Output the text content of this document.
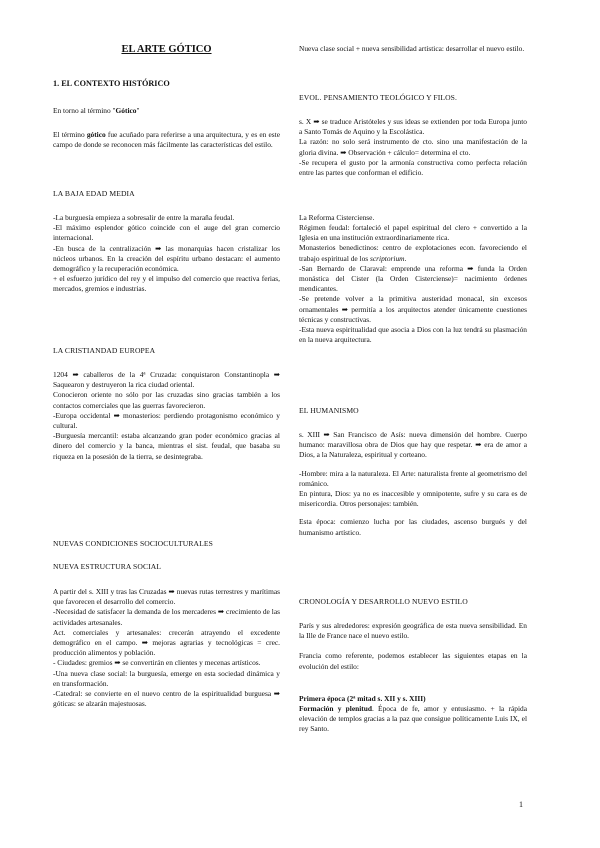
EL ARTE GÓTICO

1. EL CONTEXTO HISTÓRICO

En torno al término "Gótico"

El término gótico fue acuñado para referirse a una arquitectura, y es en este campo de donde se reconocen más fácilmente las características del estilo.

LA BAJA EDAD MEDIA

-La burguesía empieza a sobresalir de entre la maraña feudal.

-El máximo esplendor gótico coincide con el auge del gran comercio internacional.

-En busca de la centralización ➡ las monarquías hacen cristalizar los núcleos urbanos. En la creación del espíritu urbano destacan: el aumento demográfico y la recuperación económica.

+ el esfuerzo jurídico del rey y el impulso del comercio que reactiva ferias, mercados, gremios e industrias.

LA CRISTIANDAD EUROPEA

1204 ➡ caballeros de la 4ª Cruzada: conquistaron Constantinopla ➡ Saquearon y destruyeron la rica ciudad oriental.

Conocieron oriente no sólo por las cruzadas sino gracias también a los contactos comerciales que las guerras favorecieron.

-Europa occidental ➡ monasterios: perdiendo protagonismo económico y cultural.

-Burguesía mercantil: estaba alcanzando gran poder económico gracias al dinero del comercio y la banca, mientras el sist. feudal, que basaba su riqueza en la posesión de la tierra, se desintegraba.

NUEVAS CONDICIONES SOCIOCULTURALES

NUEVA ESTRUCTURA SOCIAL

A partir del s. XIII y tras las Cruzadas ➡ nuevas rutas terrestres y marítimas que favorecen el desarrollo del comercio.

-Necesidad de satisfacer la demanda de los mercaderes ➡ crecimiento de las actividades artesanales.

Act. comerciales y artesanales: crecerán atrayendo el excedente demográfico en el campo. ➡ mejoras agrarias y tecnológicas = crec. producción alimentos y población.

- Ciudades: gremios ➡ se convertirán en clientes y mecenas artísticos.

-Una nueva clase social: la burguesía, emerge en esta sociedad dinámica y en transformación.

-Catedral: se convierte en el nuevo centro de la espiritualidad burguesa ➡ góticas: se alzarán majestuosas.

Nueva clase social + nueva sensibilidad artística: desarrollar el nuevo estilo.

EVOL. PENSAMIENTO TEOLÓGICO Y FILOS.

s. X ➡ se traduce Aristóteles y sus ideas se extienden por toda Europa junto a Santo Tomás de Aquino y la Escolástica.

La razón: no solo será instrumento de cto. sino una manifestación de la gloria divina. ➡ Observación + cálculo= determina el cto.

-Se recupera el gusto por la armonía constructiva como perfecta relación entre las partes que conforman el edificio.

La Reforma Cisterciense.

Régimen feudal: fortaleció el papel espiritual del clero + convertido a la Iglesia en una institución extraordinariamente rica.

Monasterios benedictinos: centro de explotaciones econ. favoreciendo el trabajo espiritual de los scriptorium.

-San Bernardo de Claraval: emprende una reforma ➡ funda la Orden monástica del Cister (la Orden Cisterciense)= nacimiento órdenes mendicantes.

-Se pretende volver a la primitiva austeridad monacal, sin excesos ornamentales ➡ permitía a los arquitectos atender únicamente cuestiones técnicas y constructivas.

-Esta nueva espiritualidad que asocia a Dios con la luz tendrá su plasmación en la nueva arquitectura.

EL HUMANISMO

s. XIII ➡ San Francisco de Asís: nueva dimensión del hombre. Cuerpo humano: maravillosa obra de Dios que hay que respetar. ➡ era de amor a Dios, a la Naturaleza, espiritual y corteano.

-Hombre: mira a la naturaleza. El Arte: naturalista frente al geometrismo del románico.

En pintura, Dios: ya no es inaccesible y omnipotente, sufre y su cara es de misericordia. Otros personajes: también.

Esta época: comienzo lucha por las ciudades, ascenso burgués y del humanismo artístico.

CRONOLOGÍA Y DESARROLLO NUEVO ESTILO

París y sus alrededores: expresión geográfica de esta nueva sensibilidad. En la Ille de France nace el nuevo estilo.

Francia como referente, podemos establecer las siguientes etapas en la evolución del estilo:

Primera época (2ª mitad s. XII y s. XIII)

Formación y plenitud. Época de fe, amor y entusiasmo. + la rápida elevación de templos gracias a la paz que consigue políticamente Luis IX, el rey Santo.

1
